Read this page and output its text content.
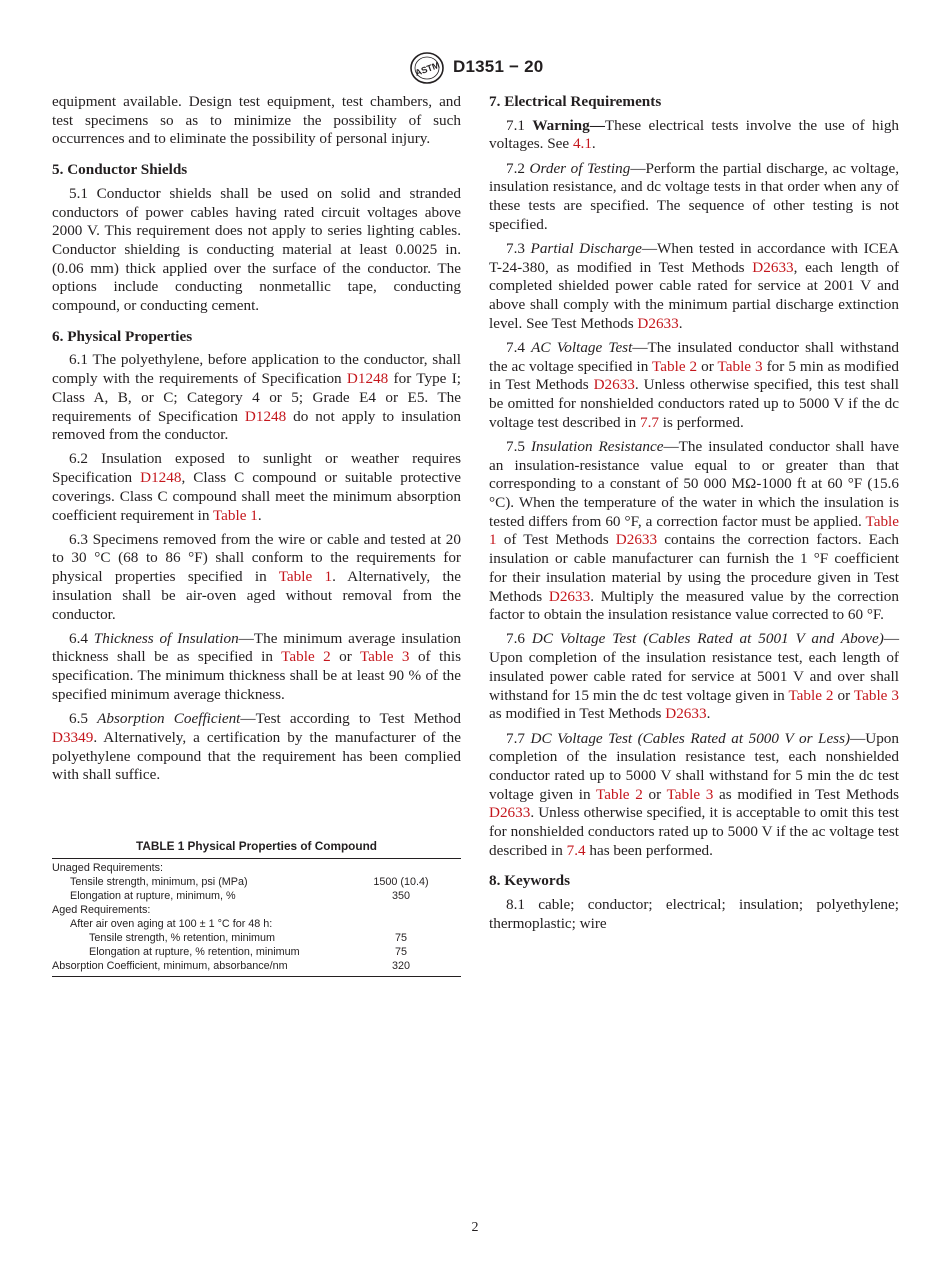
ASTM D1351 − 20

equipment available. Design test equipment, test chambers, and test specimens so as to minimize the possibility of such occurrences and to eliminate the possibility of personal injury.

5. Conductor Shields

5.1 Conductor shields shall be used on solid and stranded conductors of power cables having rated circuit voltages above 2000 V. This requirement does not apply to series lighting cables. Conductor shielding is conducting material at least 0.0025 in. (0.06 mm) thick applied over the surface of the conductor. The options include conducting nonmetallic tape, conducting compound, or conducting cement.

6. Physical Properties

6.1 The polyethylene, before application to the conductor, shall comply with the requirements of Specification D1248 for Type I; Class A, B, or C; Category 4 or 5; Grade E4 or E5. The requirements of Specification D1248 do not apply to insulation removed from the conductor.

6.2 Insulation exposed to sunlight or weather requires Specification D1248, Class C compound or suitable protective coverings. Class C compound shall meet the minimum absorption coefficient requirement in Table 1.

6.3 Specimens removed from the wire or cable and tested at 20 to 30 °C (68 to 86 °F) shall conform to the requirements for physical properties specified in Table 1. Alternatively, the insulation shall be air-oven aged without removal from the conductor.

6.4 Thickness of Insulation—The minimum average insulation thickness shall be as specified in Table 2 or Table 3 of this specification. The minimum thickness shall be at least 90 % of the specified minimum average thickness.

6.5 Absorption Coefficient—Test according to Test Method D3349. Alternatively, a certification by the manufacturer of the polyethylene compound that the requirement has been complied with shall suffice.

TABLE 1 Physical Properties of Compound
Unaged Requirements:
Tensile strength, minimum, psi (MPa)	1500 (10.4)
Elongation at rupture, minimum, %	350
Aged Requirements:
After air oven aging at 100 ± 1 °C for 48 h:
Tensile strength, % retention, minimum	75
Elongation at rupture, % retention, minimum	75
Absorption Coefficient, minimum, absorbance/nm	320
7. Electrical Requirements

7.1 Warning—These electrical tests involve the use of high voltages. See 4.1.

7.2 Order of Testing—Perform the partial discharge, ac voltage, insulation resistance, and dc voltage tests in that order when any of these tests are specified. The sequence of other testing is not specified.

7.3 Partial Discharge—When tested in accordance with ICEA T-24-380, as modified in Test Methods D2633, each length of completed shielded power cable rated for service at 2001 V and above shall comply with the minimum partial discharge extinction level. See Test Methods D2633.

7.4 AC Voltage Test—The insulated conductor shall withstand the ac voltage specified in Table 2 or Table 3 for 5 min as modified in Test Methods D2633. Unless otherwise specified, this test shall be omitted for nonshielded conductors rated up to 5000 V if the dc voltage test described in 7.7 is performed.

7.5 Insulation Resistance—The insulated conductor shall have an insulation-resistance value equal to or greater than that corresponding to a constant of 50 000 MΩ-1000 ft at 60 °F (15.6 °C). When the temperature of the water in which the insulation is tested differs from 60 °F, a correction factor must be applied. Table 1 of Test Methods D2633 contains the correction factors. Each insulation or cable manufacturer can furnish the 1 °F coefficient for their insulation material by using the procedure given in Test Methods D2633. Multiply the measured value by the correction factor to obtain the insulation resistance value corrected to 60 °F.

7.6 DC Voltage Test (Cables Rated at 5001 V and Above)—Upon completion of the insulation resistance test, each length of insulated power cable rated for service at 5001 V and over shall withstand for 15 min the dc test voltage given in Table 2 or Table 3 as modified in Test Methods D2633.

7.7 DC Voltage Test (Cables Rated at 5000 V or Less)—Upon completion of the insulation resistance test, each nonshielded conductor rated up to 5000 V shall withstand for 5 min the dc test voltage given in Table 2 or Table 3 as modified in Test Methods D2633. Unless otherwise specified, it is acceptable to omit this test for nonshielded conductors rated up to 5000 V if the ac voltage test described in 7.4 has been performed.

8. Keywords

8.1 cable; conductor; electrical; insulation; polyethylene; thermoplastic; wire

2
